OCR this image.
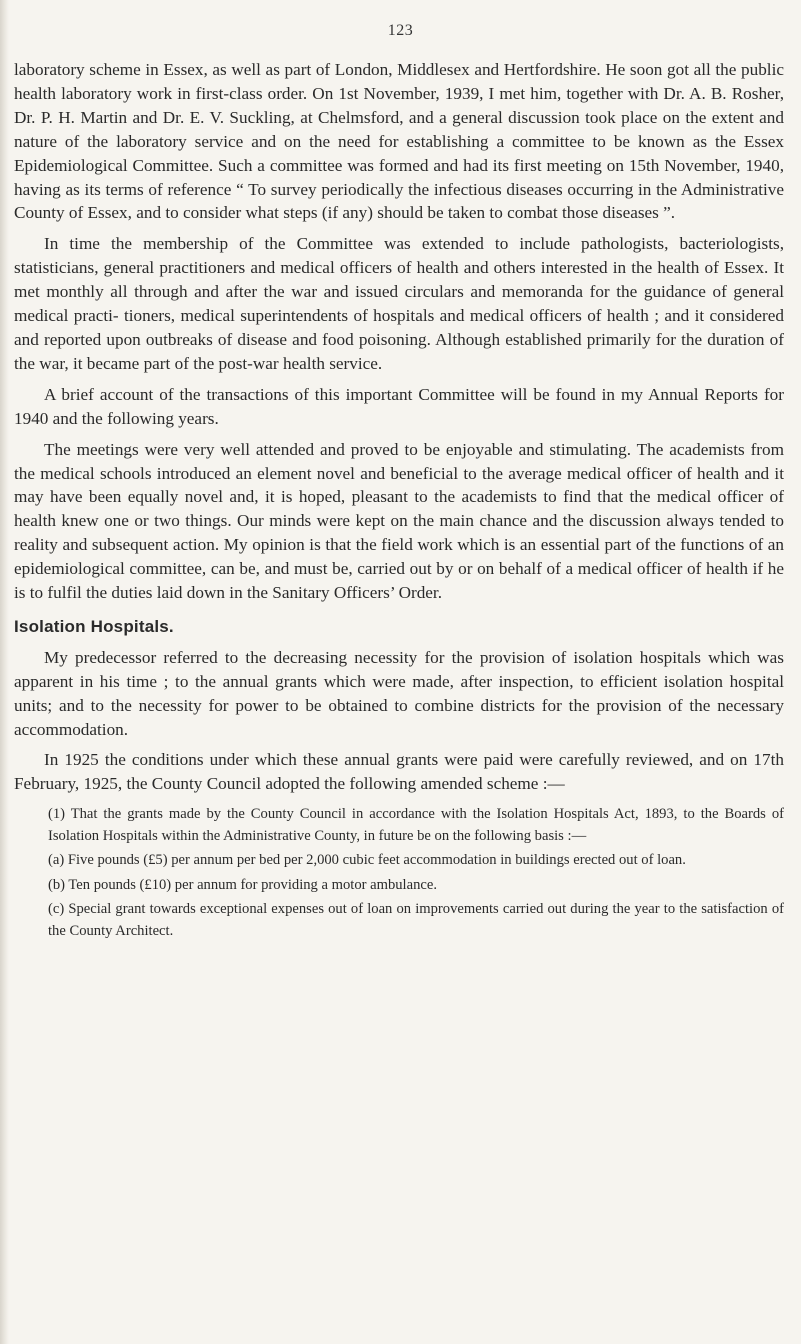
123

laboratory scheme in Essex, as well as part of London, Middlesex and Hertfordshire. He soon got all the public health laboratory work in first-class order. On 1st November, 1939, I met him, together with Dr. A. B. Rosher, Dr. P. H. Martin and Dr. E. V. Suckling, at Chelmsford, and a general discussion took place on the extent and nature of the laboratory service and on the need for establishing a committee to be known as the Essex Epidemiological Committee. Such a committee was formed and had its first meeting on 15th November, 1940, having as its terms of reference “ To survey periodically the infectious diseases occurring in the Administrative County of Essex, and to consider what steps (if any) should be taken to combat those diseases ”.

In time the membership of the Committee was extended to include pathologists, bacteriologists, statisticians, general practitioners and medical officers of health and others interested in the health of Essex. It met monthly all through and after the war and issued circulars and memoranda for the guidance of general medical practi- tioners, medical superintendents of hospitals and medical officers of health ; and it considered and reported upon outbreaks of disease and food poisoning. Although established primarily for the duration of the war, it became part of the post-war health service.

A brief account of the transactions of this important Committee will be found in my Annual Reports for 1940 and the following years.

The meetings were very well attended and proved to be enjoyable and stimulating. The academists from the medical schools introduced an element novel and beneficial to the average medical officer of health and it may have been equally novel and, it is hoped, pleasant to the academists to find that the medical officer of health knew one or two things. Our minds were kept on the main chance and the discussion always tended to reality and subsequent action. My opinion is that the field work which is an essential part of the functions of an epidemiological committee, can be, and must be, carried out by or on behalf of a medical officer of health if he is to fulfil the duties laid down in the Sanitary Officers’ Order.

Isolation Hospitals.

My predecessor referred to the decreasing necessity for the provision of isolation hospitals which was apparent in his time ; to the annual grants which were made, after inspection, to efficient isolation hospital units; and to the necessity for power to be obtained to combine districts for the provision of the necessary accommodation.

In 1925 the conditions under which these annual grants were paid were carefully reviewed, and on 17th February, 1925, the County Council adopted the following amended scheme :—

(1) That the grants made by the County Council in accordance with the Isolation Hospitals Act, 1893, to the Boards of Isolation Hospitals within the Administrative County, in future be on the following basis :—

(a) Five pounds (£5) per annum per bed per 2,000 cubic feet accommodation in buildings erected out of loan.

(b) Ten pounds (£10) per annum for providing a motor ambulance.

(c) Special grant towards exceptional expenses out of loan on improvements carried out during the year to the satisfaction of the County Architect.
